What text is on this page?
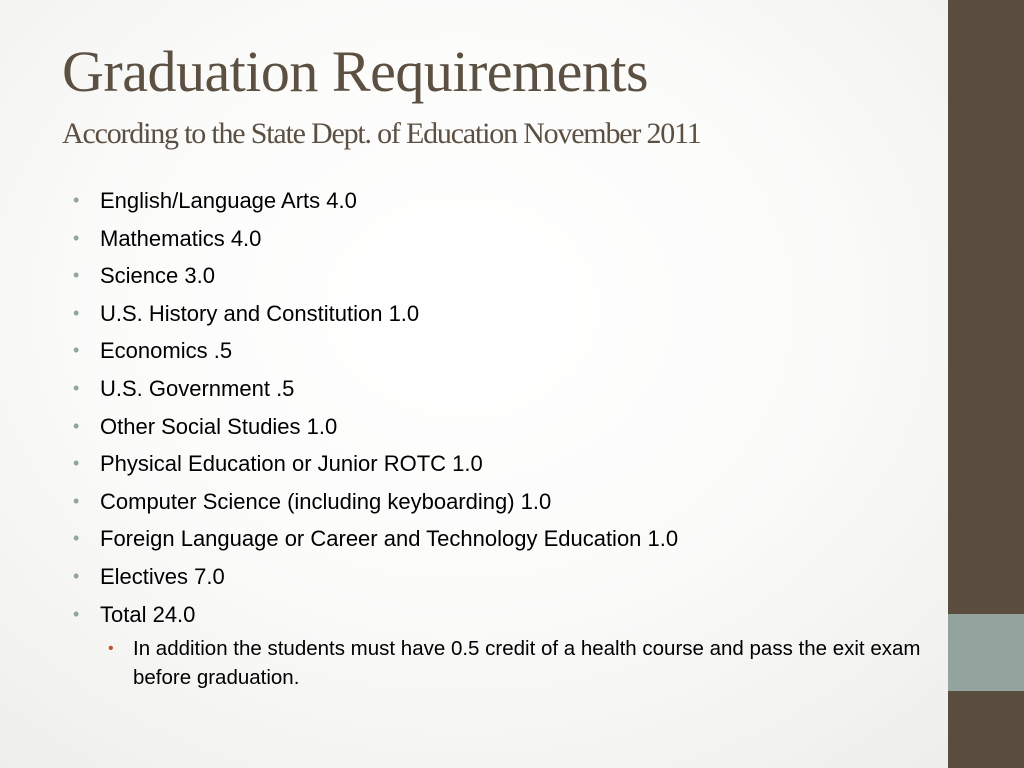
Graduation Requirements
According to the State Dept. of Education November 2011
• English/Language Arts 4.0
• Mathematics 4.0
• Science 3.0
• U.S. History and Constitution 1.0
• Economics .5
• U.S. Government .5
• Other Social Studies 1.0
• Physical Education or Junior ROTC 1.0
• Computer Science (including keyboarding) 1.0
• Foreign Language or Career and Technology Education 1.0
• Electives 7.0
• Total 24.0
• In addition the students must have 0.5 credit of a health course and pass the exit exam before graduation.
